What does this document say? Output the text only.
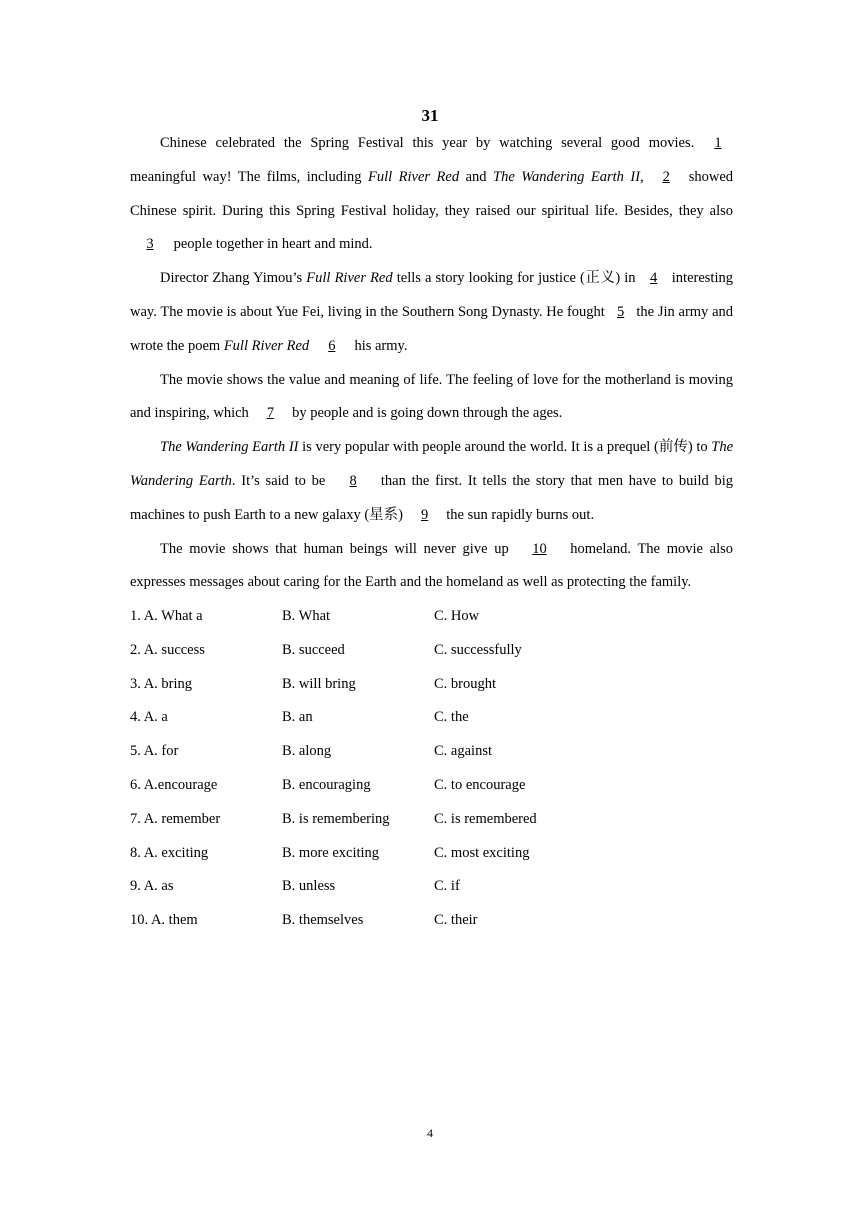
31

Chinese celebrated the Spring Festival this year by watching several good movies. 1 meaningful way! The films, including Full River Red and The Wandering Earth II, 2 showed Chinese spirit. During this Spring Festival holiday, they raised our spiritual life. Besides, they also 3 people together in heart and mind.

Director Zhang Yimou’s Full River Red tells a story looking for justice (正义) in 4 interesting way. The movie is about Yue Fei, living in the Southern Song Dynasty. He fought 5 the Jin army and wrote the poem Full River Red 6 his army.

The movie shows the value and meaning of life. The feeling of love for the motherland is moving and inspiring, which 7 by people and is going down through the ages.

The Wandering Earth II is very popular with people around the world. It is a prequel (前传) to The Wandering Earth. It’s said to be 8 than the first. It tells the story that men have to build big machines to push Earth to a new galaxy (星系) 9 the sun rapidly burns out.

The movie shows that human beings will never give up 10 homeland. The movie also expresses messages about caring for the Earth and the homeland as well as protecting the family.

1. A. What a	B. What	C. How
2. A. success	B. succeed	C. successfully
3. A. bring	B. will bring	C. brought
4. A. a	B. an	C. the
5. A. for	B. along	C. against
6. A.encourage	B. encouraging	C. to encourage
7. A. remember	B. is remembering	C. is remembered
8. A. exciting	B. more exciting	C. most exciting
9. A. as	B. unless	C. if
10. A. them	B. themselves	C. their
4
